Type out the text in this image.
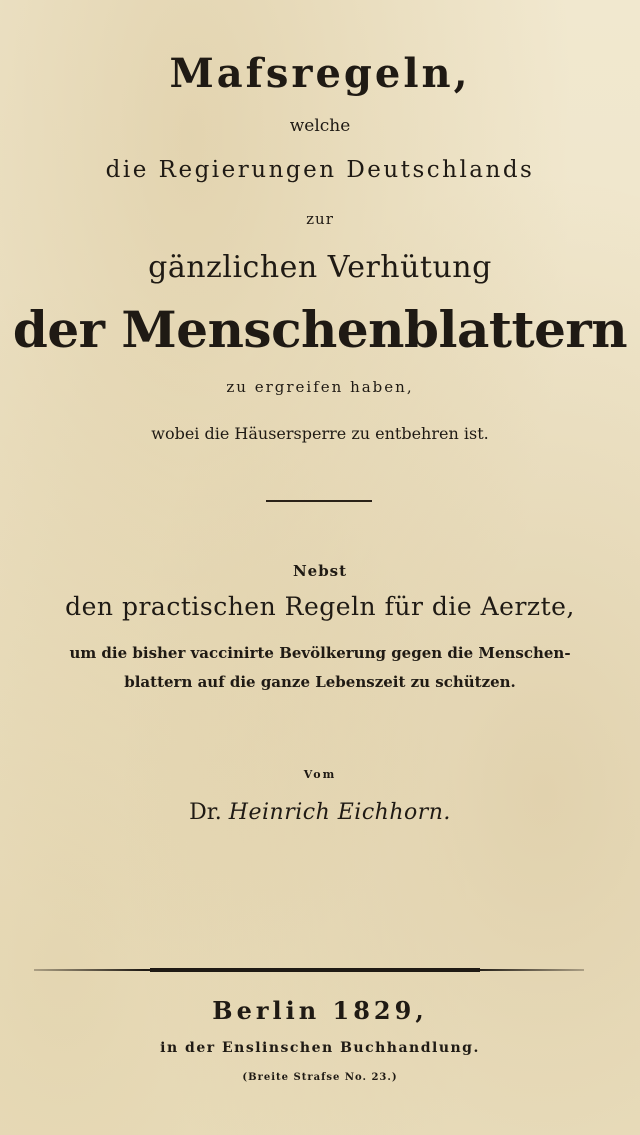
Mafsregeln,
welche
die Regierungen Deutschlands
zur
gänzlichen Verhütung
der Menschenblattern
zu ergreifen haben,
wobei die Häusersperre zu entbehren ist.
Nebst
den practischen Regeln für die Aerzte,
um die bisher vaccinirte Bevölkerung gegen die Menschen-
blattern auf die ganze Lebenszeit zu schützen.
Vom
Dr. Heinrich Eichhorn.
Berlin 1829,
in der Enslinschen Buchhandlung.
(Breite Strafse No. 23.)
